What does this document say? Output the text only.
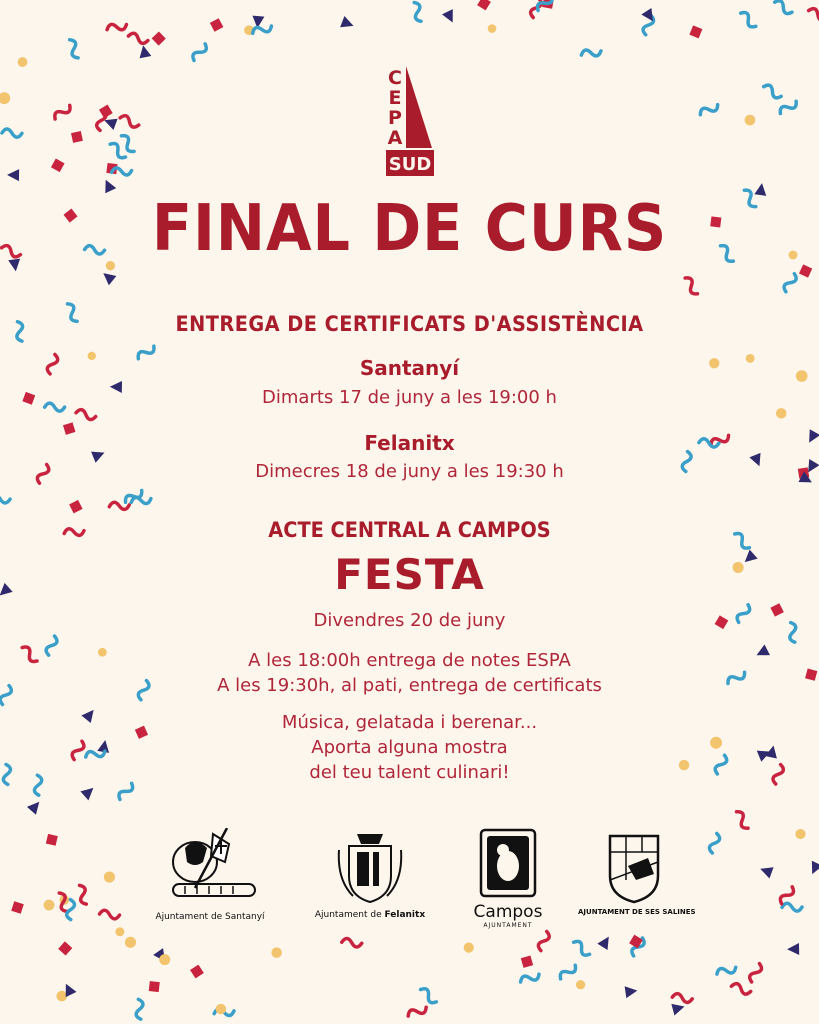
C
E
P
A
SUD
FINAL DE CURS
ENTREGA DE CERTIFICATS D'ASSISTÈNCIA
Santanyí
Dimarts 17 de juny a les 19:00 h
Felanitx
Dimecres 18 de juny a les 19:30 h
ACTE CENTRAL A CAMPOS
FESTA
Divendres 20 de juny
A les 18:00h entrega de notes ESPA
A les 19:30h, al pati, entrega de certificats
Música, gelatada i berenar...
Aporta alguna mostra
del teu talent culinari!
Ajuntament de Santanyí	Ajuntament de Felanitx	Campos
AJUNTAMENT
AJUNTAMENT DE SES SALINES
